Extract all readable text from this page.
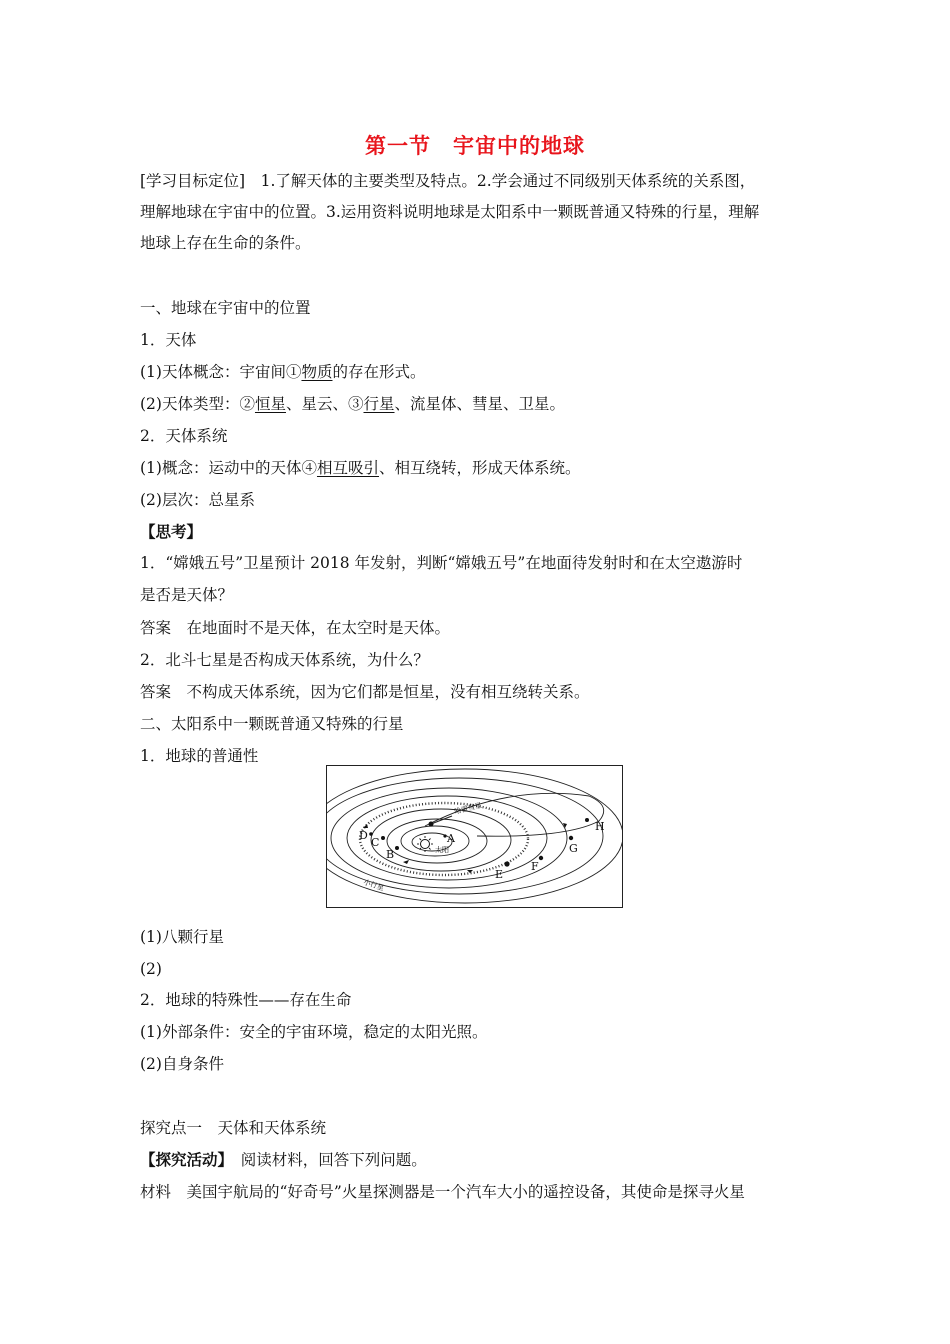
第一节　宇宙中的地球
[学习目标定位]　 1.了解天体的主要类型及特点。2.学会通过不同级别天体系统的关系图，
理解地球在宇宙中的位置。3.运用资料说明地球是太阳系中一颗既普通又特殊的行星，理解
地球上存在生命的条件。
一、地球在宇宙中的位置
1．天体
(1)天体概念：宇宙间①物质的存在形式。
(2)天体类型：②恒星、星云、③行星、流星体、彗星、卫星。
2．天体系统
(1)概念：运动中的天体④相互吸引、相互绕转，形成天体系统。
(2)层次：总星系
【思考】
1．“嫦娥五号”卫星预计 2018 年发射，判断“嫦娥五号”在地面待发射时和在太空遨游时
是否是天体？
答案　在地面时不是天体，在太空时是天体。
2．北斗七星是否构成天体系统，为什么？
答案　不构成天体系统，因为它们都是恒星，没有相互绕转关系。
二、太阳系中一颗既普通又特殊的行星
1．地球的普通性
A
B
C
D
E
F
G
H
太阳
哈雷彗星
小行星
(1)八颗行星
(2)
2．地球的特殊性——存在生命
(1)外部条件：安全的宇宙环境，稳定的太阳光照。
(2)自身条件
探究点一　天体和天体系统
【探究活动】　 阅读材料，回答下列问题。
材料　美国宇航局的“好奇号”火星探测器是一个汽车大小的遥控设备，其使命是探寻火星
